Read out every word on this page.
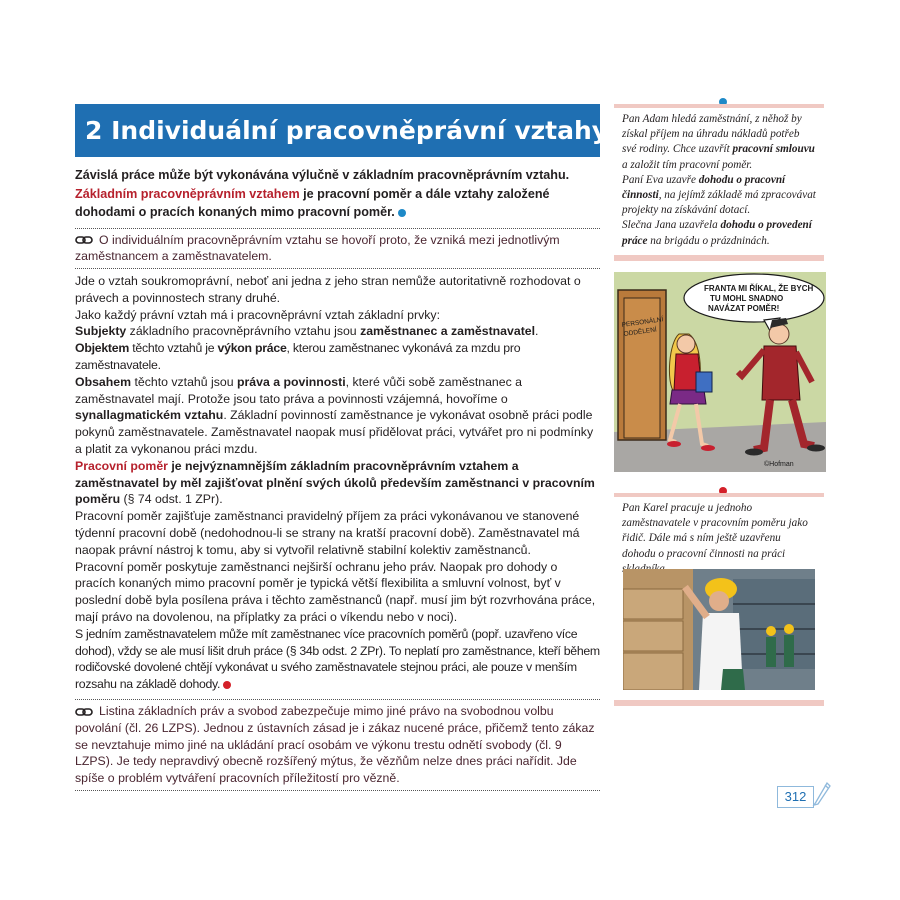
2 Individuální pracovněprávní vztahy

Závislá práce může být vykonávána výlučně v základním pracovněprávním vztahu. Základním pracovněprávním vztahem je pracovní poměr a dále vztahy založené dohodami o pracích konaných mimo pracovní poměr.

O individuálním pracovněprávním vztahu se hovoří proto, že vzniká mezi jednotlivým zaměstnancem a zaměstnavatelem.

Jde o vztah soukromoprávní, neboť ani jedna z jeho stran nemůže autoritativně rozhodovat o právech a povinnostech strany druhé.

Jako každý právní vztah má i pracovněprávní vztah základní prvky:

Subjekty základního pracovněprávního vztahu jsou zaměstnanec a zaměstnavatel.

Objektem těchto vztahů je výkon práce, kterou zaměstnanec vykonává za mzdu pro zaměstnavatele.

Obsahem těchto vztahů jsou práva a povinnosti, které vůči sobě zaměstnanec a zaměstnavatel mají. Protože jsou tato práva a povinnosti vzájemná, hovoříme o synallagmatickém vztahu. Základní povinností zaměstnance je vykonávat osobně práci podle pokynů zaměstnavatele. Zaměstnavatel naopak musí přidělovat práci, vytvářet pro ni podmínky a platit za vykonanou práci mzdu.

Pracovní poměr je nejvýznamnějším základním pracovněprávním vztahem a zaměstnavatel by měl zajišťovat plnění svých úkolů především zaměstnanci v pracovním poměru (§ 74 odst. 1 ZPr).

Pracovní poměr zajišťuje zaměstnanci pravidelný příjem za práci vykonávanou ve stanovené týdenní pracovní době (nedohodnou-li se strany na kratší pracovní době). Zaměstnavatel má naopak právní nástroj k tomu, aby si vytvořil relativně stabilní kolektiv zaměstnanců.

Pracovní poměr poskytuje zaměstnanci nejširší ochranu jeho práv. Naopak pro dohody o pracích konaných mimo pracovní poměr je typická větší flexibilita a smluvní volnost, byť v poslední době byla posílena práva i těchto zaměstnanců (např. musí jim být rozvrhována práce, mají právo na dovolenou, na příplatky za práci o víkendu nebo v noci).

S jedním zaměstnavatelem může mít zaměstnanec více pracovních poměrů (popř. uzavřeno více dohod), vždy se ale musí lišit druh práce (§ 34b odst. 2 ZPr). To neplatí pro zaměstnance, kteří během rodičovské dovolené chtějí vykonávat u svého zaměstnavatele stejnou práci, ale pouze v menším rozsahu na základě dohody.

Listina základních práv a svobod zabezpečuje mimo jiné právo na svobodnou volbu povolání (čl. 26 LZPS). Jednou z ústavních zásad je i zákaz nucené práce, přičemž tento zákaz se nevztahuje mimo jiné na ukládání prací osobám ve výkonu trestu odnětí svobody (čl. 9 LZPS). Je tedy nepravdivý obecně rozšířený mýtus, že vězňům nelze dnes práci nařídit. Jde spíše o problém vytváření pracovních příležitostí pro vězně.
Pan Adam hledá zaměstnání, z něhož by získal příjem na úhradu nákladů potřeb své rodiny. Chce uzavřít pracovní smlouvu a založit tím pracovní poměr.
Paní Eva uzavře dohodu o pracovní činnosti, na jejímž základě má zpracovávat projekty na získávání dotací.
Slečna Jana uzavřela dohodu o provedení práce na brigádu o prázdninách.
PERSONÁLNÍ
ODDĚLENÍ
FRANTA MI ŘÍKAL, ŽE BYCH
TU MOHL SNADNO
NAVÁZAT POMĚR!
©Hofman
Pan Karel pracuje u jednoho zaměstnavatele v pracovním poměru jako řidič. Dále má s ním ještě uzavřenu dohodu o pracovní činnosti na práci
312
